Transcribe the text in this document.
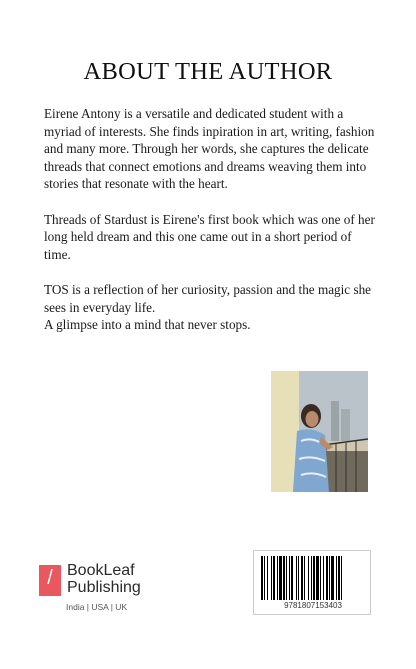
ABOUT THE AUTHOR

Eirene Antony is a versatile and dedicated student with a myriad of interests. She finds inpiration in art, writing, fashion and many more. Through her words, she captures the delicate threads that connect emotions and dreams weaving them into stories that resonate with the heart.

Threads of Stardust is Eirene's first book which was one of her long held dream and this one came out in a short period of time.

TOS is a reflection of her curiosity, passion and the magic she sees in everyday life.

A glimpse into a mind that never stops.

/ BookLeaf
Publishing
India | USA | UK	9781807153403
